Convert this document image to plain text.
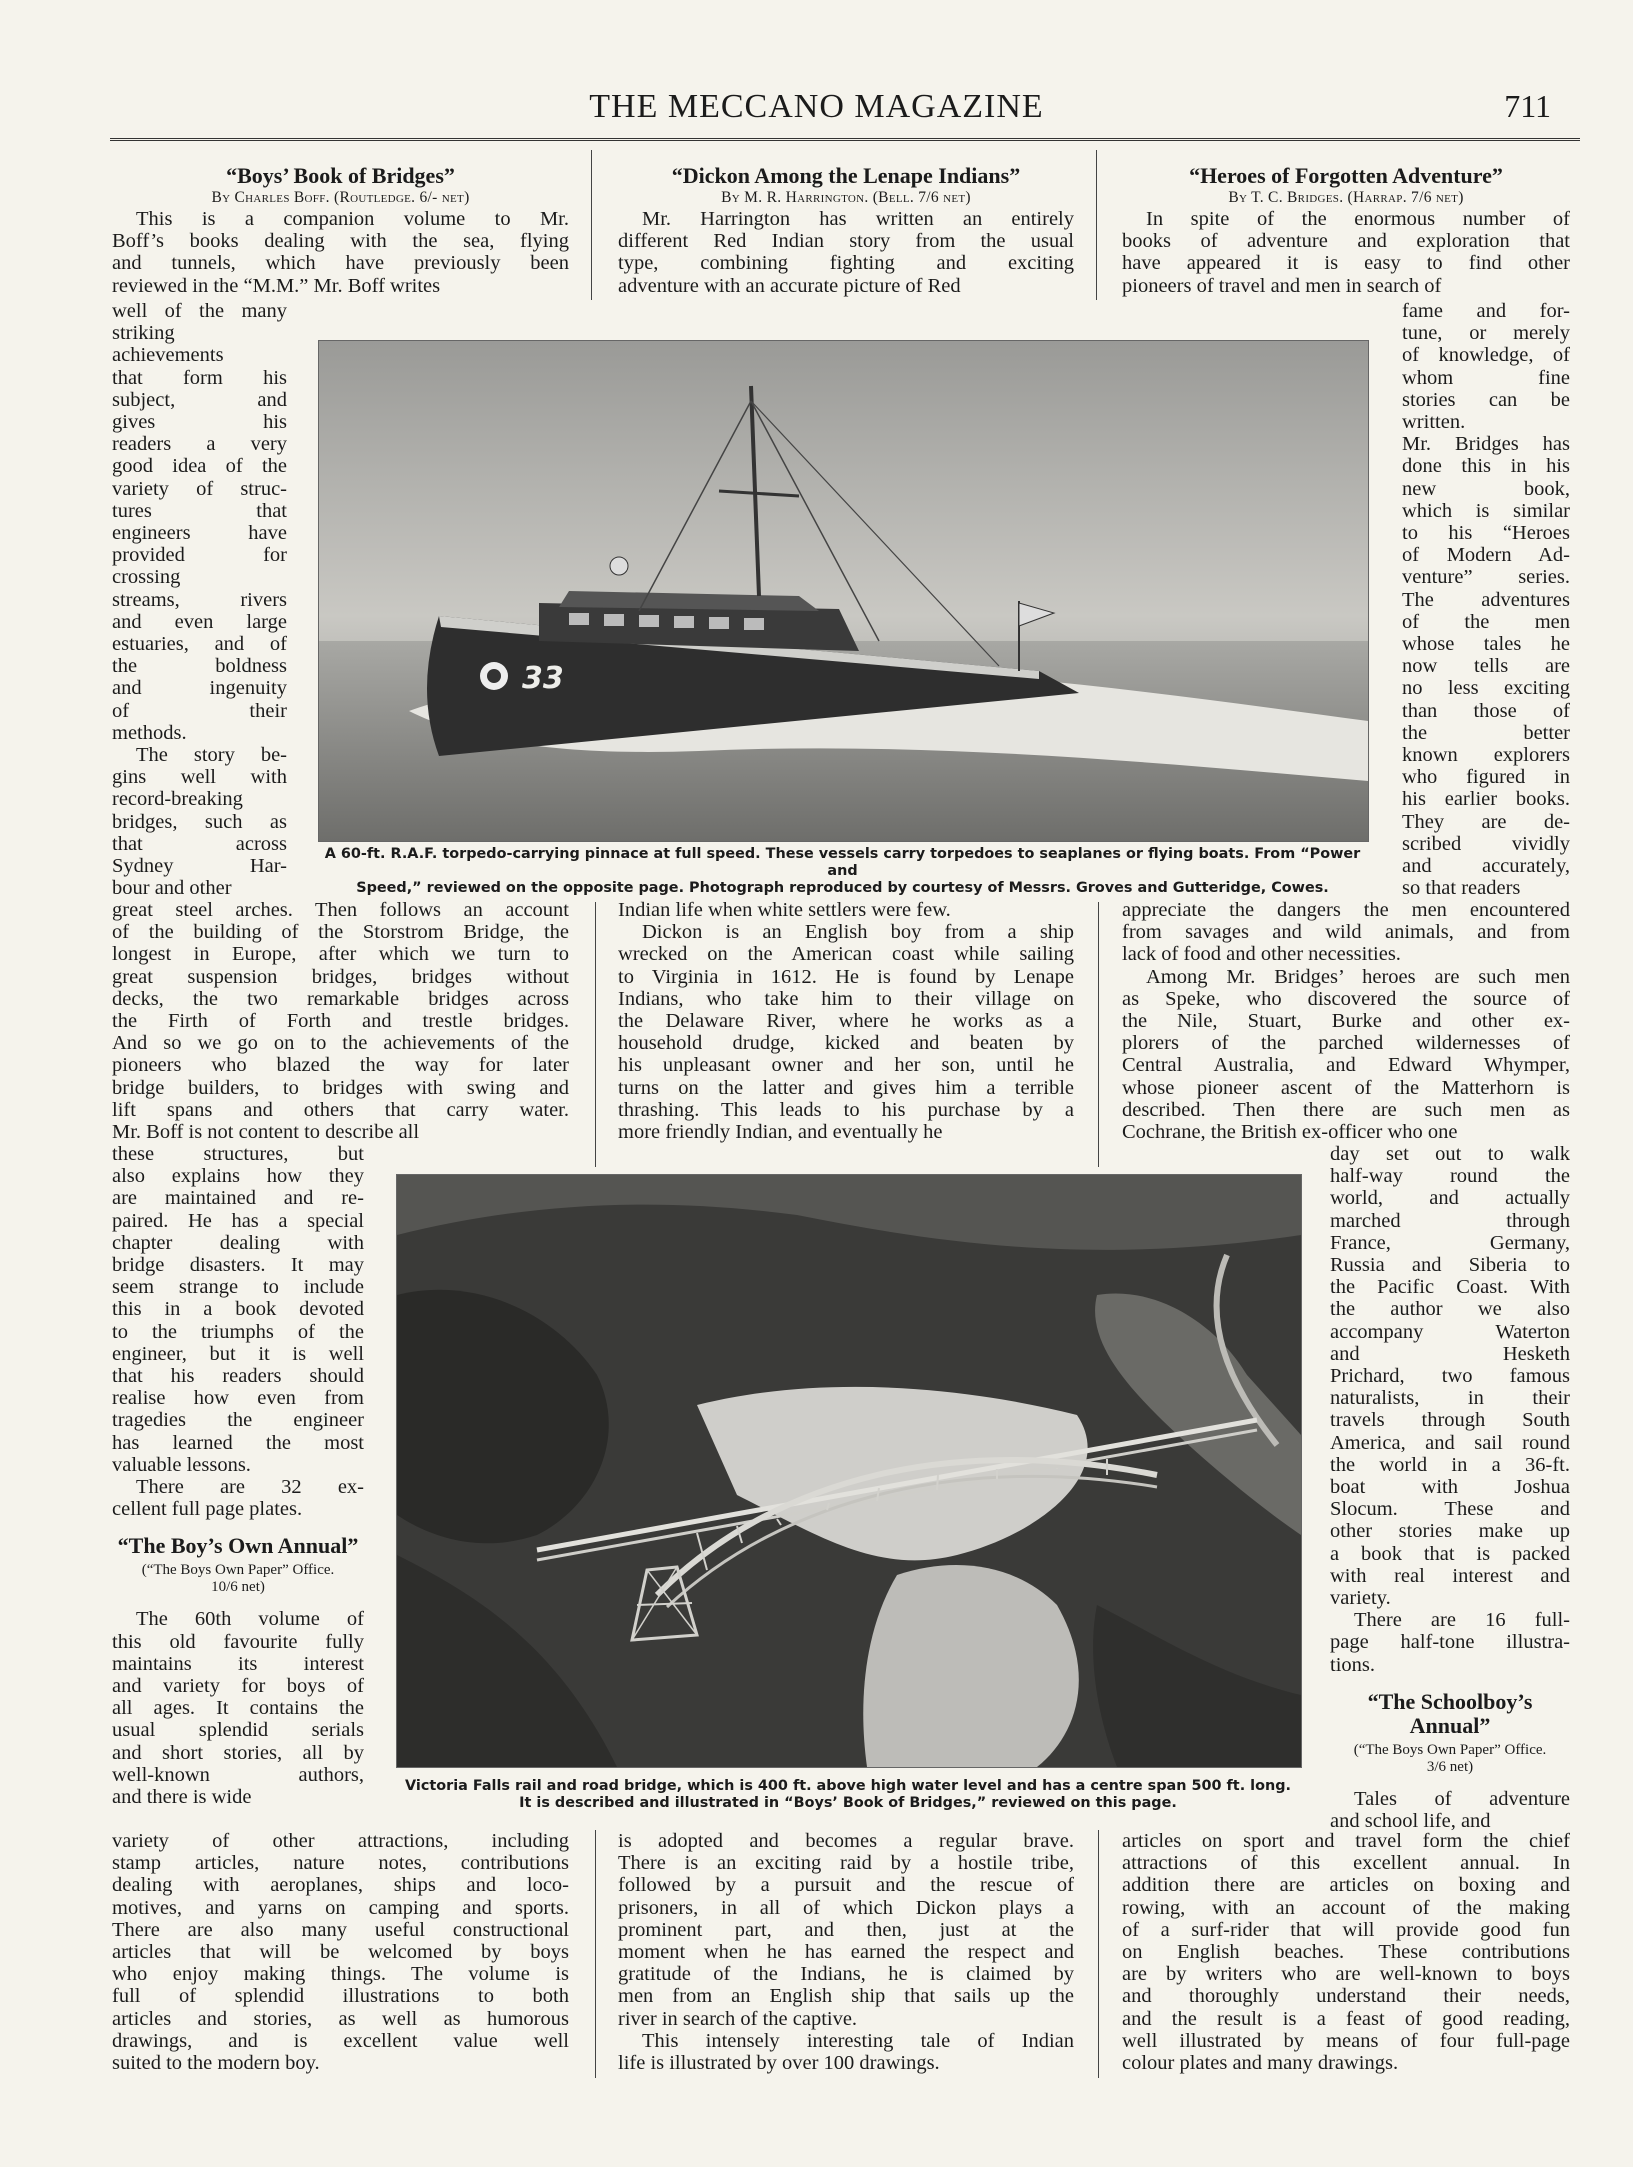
THE MECCANO MAGAZINE	711
“Boys’ Book of Bridges”
By Charles Boff. (Routledge. 6/- net)
This is a companion volume to Mr.
Boff’s books dealing with the sea, flying
and tunnels, which have previously been
reviewed in the “M.M.” Mr. Boff writes
well of the many
striking
achievements
that form his
subject, and
gives his
readers a very
good idea of the
variety of struc-
tures that
engineers have
provided for
crossing
streams, rivers
and even large
estuaries, and of
the boldness
and ingenuity
of their
methods.
The story be-
gins well with
record-breaking
bridges, such as
that across
Sydney Har-
bour and other
great steel arches. Then follows an account
of the building of the Storstrom Bridge, the
longest in Europe, after which we turn to
great suspension bridges, bridges without
decks, the two remarkable bridges across
the Firth of Forth and trestle bridges.
And so we go on to the achievements of the
pioneers who blazed the way for later
bridge builders, to bridges with swing and
lift spans and others that carry water.
Mr. Boff is not content to describe all
these structures, but
also explains how they
are maintained and re-
paired. He has a special
chapter dealing with
bridge disasters. It may
seem strange to include
this in a book devoted
to the triumphs of the
engineer, but it is well
that his readers should
realise how even from
tragedies the engineer
has learned the most
valuable lessons.
There are 32 ex-
cellent full page plates.
“The Boy’s Own Annual”
(“The Boys Own Paper” Office. 10/6 net)
The 60th volume of
this old favourite fully
maintains its interest
and variety for boys of
all ages. It contains the
usual splendid serials
and short stories, all by
well-known authors,
and there is wide
variety of other attractions, including
stamp articles, nature notes, contributions
dealing with aeroplanes, ships and loco-
motives, and yarns on camping and sports.
There are also many useful constructional
articles that will be welcomed by boys
who enjoy making things. The volume is
full of splendid illustrations to both
articles and stories, as well as humorous
drawings, and is excellent value well
suited to the modern boy.
“Dickon Among the Lenape Indians”
By M. R. Harrington. (Bell. 7/6 net)
Mr. Harrington has written an entirely
different Red Indian story from the usual
type, combining fighting and exciting
adventure with an accurate picture of Red
Indian life when white settlers were few.
Dickon is an English boy from a ship
wrecked on the American coast while sailing
to Virginia in 1612. He is found by Lenape
Indians, who take him to their village on
the Delaware River, where he works as a
household drudge, kicked and beaten by
his unpleasant owner and her son, until he
turns on the latter and gives him a terrible
thrashing. This leads to his purchase by a
more friendly Indian, and eventually he
is adopted and becomes a regular brave.
There is an exciting raid by a hostile tribe,
followed by a pursuit and the rescue of
prisoners, in all of which Dickon plays a
prominent part, and then, just at the
moment when he has earned the respect and
gratitude of the Indians, he is claimed by
men from an English ship that sails up the
river in search of the captive.
This intensely interesting tale of Indian
life is illustrated by over 100 drawings.
“Heroes of Forgotten Adventure”
By T. C. Bridges. (Harrap. 7/6 net)
In spite of the enormous number of
books of adventure and exploration that
have appeared it is easy to find other
pioneers of travel and men in search of
fame and for-
tune, or merely
of knowledge, of
whom fine
stories can be
written.
Mr. Bridges has
done this in his
new book,
which is similar
to his “Heroes
of Modern Ad-
venture” series.
The adventures
of the men
whose tales he
now tells are
no less exciting
than those of
the better
known explorers
who figured in
his earlier books.
They are de-
scribed vividly
and accurately,
so that readers
appreciate the dangers the men encountered
from savages and wild animals, and from
lack of food and other necessities.
Among Mr. Bridges’ heroes are such men
as Speke, who discovered the source of
the Nile, Stuart, Burke and other ex-
plorers of the parched wildernesses of
Central Australia, and Edward Whymper,
whose pioneer ascent of the Matterhorn is
described. Then there are such men as
Cochrane, the British ex-officer who one
day set out to walk
half-way round the
world, and actually
marched through
France, Germany,
Russia and Siberia to
the Pacific Coast. With
the author we also
accompany Waterton
and Hesketh
Prichard, two famous
naturalists, in their
travels through South
America, and sail round
the world in a 36-ft.
boat with Joshua
Slocum. These and
other stories make up
a book that is packed
with real interest and
variety.
There are 16 full-
page half-tone illustra-
tions.
“The Schoolboy’s Annual”
(“The Boys Own Paper” Office. 3/6 net)
Tales of adventure
and school life, and
articles on sport and travel form the chief
attractions of this excellent annual. In
addition there are articles on boxing and
rowing, with an account of the making
of a surf-rider that will provide good fun
on English beaches. These contributions
are by writers who are well-known to boys
and thoroughly understand their needs,
and the result is a feast of good reading,
well illustrated by means of four full-page
colour plates and many drawings.
33
A 60-ft. R.A.F. torpedo-carrying pinnace at full speed. These vessels carry torpedoes to seaplanes or flying boats. From “Power and
Speed,” reviewed on the opposite page. Photograph reproduced by courtesy of Messrs. Groves and Gutteridge, Cowes.
Victoria Falls rail and road bridge, which is 400 ft. above high water level and has a centre span 500 ft. long.
It is described and illustrated in “Boys’ Book of Bridges,” reviewed on this page.
